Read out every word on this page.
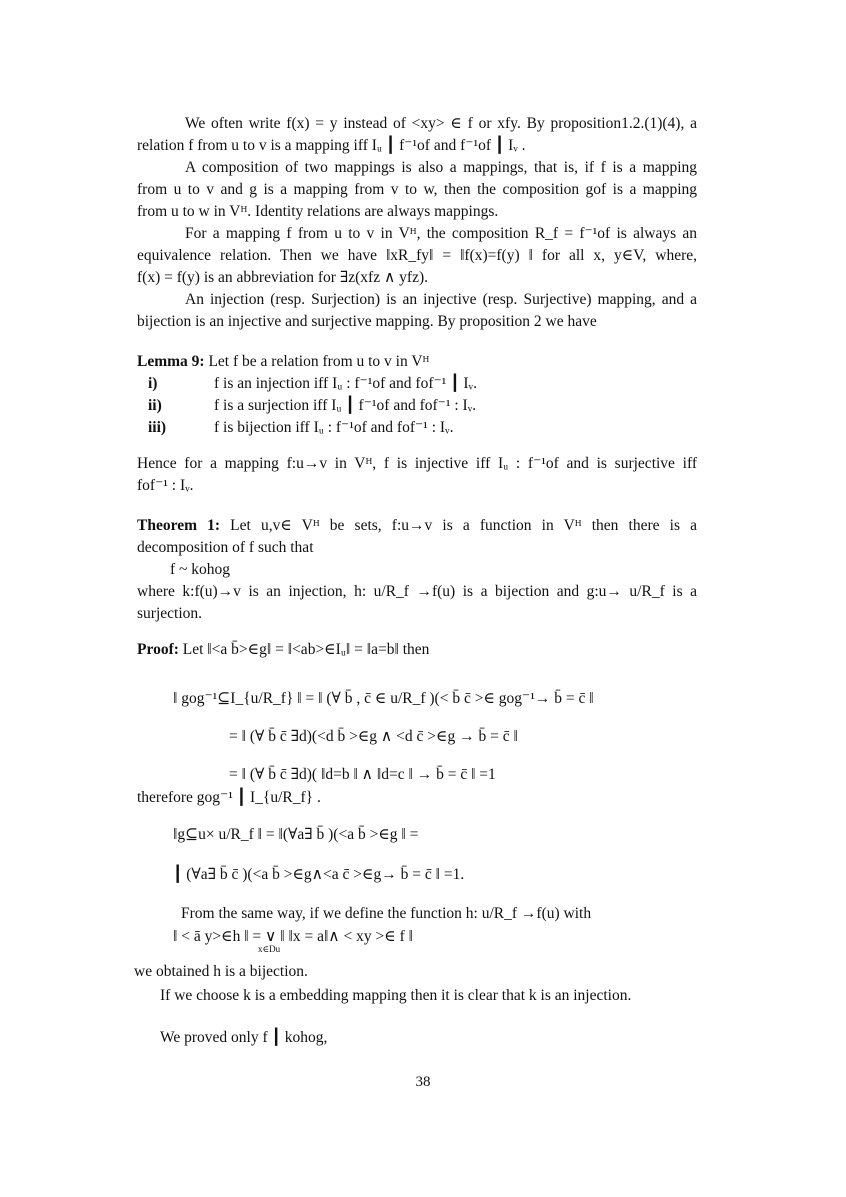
We often write f(x) = y instead of <xy> ∈ f or xfy. By proposition1.2.(1)(4), a
relation f from u to v is a mapping iff Iᵤ ┃ f⁻¹of and f⁻¹of ┃ Iᵥ .
A composition of two mappings is also a mappings, that is, if f is a mapping
from u to v and g is a mapping from v to w, then the composition gof is a mapping
from u to w in Vᴴ. Identity relations are always mappings.
For a mapping f from u to v in Vᴴ, the composition R_f = f⁻¹of is always an
equivalence relation. Then we have ‖xR_fy‖ = ‖f(x)=f(y) ‖ for all x, y∈V, where,
f(x) = f(y) is an abbreviation for ∃z(xfz ∧ yfz).
An injection (resp. Surjection) is an injective (resp. Surjective) mapping, and a
bijection is an injective and surjective mapping. By proposition 2 we have
Lemma 9: Let f be a relation from u to v in Vᴴ
i)	f is an injection iff Iᵤ : f⁻¹of and fof⁻¹ ┃ Iᵥ.
ii)	f is a surjection iff Iᵤ ┃ f⁻¹of and fof⁻¹ : Iᵥ.
iii)	f is bijection iff Iᵤ : f⁻¹of and fof⁻¹ : Iᵥ.
Hence for a mapping f:u→v in Vᴴ, f is injective iff Iᵤ : f⁻¹of and is surjective iff
fof⁻¹ : Iᵥ.
Theorem 1: Let u,v∈ Vᴴ be sets, f:u→v is a function in Vᴴ then there is a
decomposition of f such that
f ~ kohog
where k:f(u)→v is an injection, h: u/R_f →f(u) is a bijection and g:u→ u/R_f is a
surjection.
Proof: Let ‖<a b̄>∈g‖ = ‖<ab>∈Iᵤ‖ = ‖a=b‖ then
‖ gog⁻¹⊆I_{u/R_f} ‖ = ‖ (∀ b̄ , c̄ ∈ u/R_f )(< b̄ c̄ >∈ gog⁻¹→ b̄ = c̄ ‖
= ‖ (∀ b̄ c̄ ∃d)(<d b̄ >∈g ∧ <d c̄ >∈g → b̄ = c̄ ‖
= ‖ (∀ b̄ c̄ ∃d)( ‖d=b ‖ ∧ ‖d=c ‖ → b̄ = c̄ ‖ =1
therefore gog⁻¹ ┃ I_{u/R_f} .
‖g⊆u× u/R_f ‖ = ‖(∀a∃ b̄ )(<a b̄ >∈g ‖ =
┃ (∀a∃ b̄ c̄ )(<a b̄ >∈g∧<a c̄ >∈g→ b̄ = c̄ ‖ =1.
From the same way, if we define the function h: u/R_f →f(u) with
‖ < ā y>∈h ‖ = ∨ ‖ ‖x = a‖∧ < xy >∈ f ‖
x∈Du
we obtained h is a bijection.
If we choose k is a embedding mapping then it is clear that k is an injection.
We proved only f ┃ kohog,
38
